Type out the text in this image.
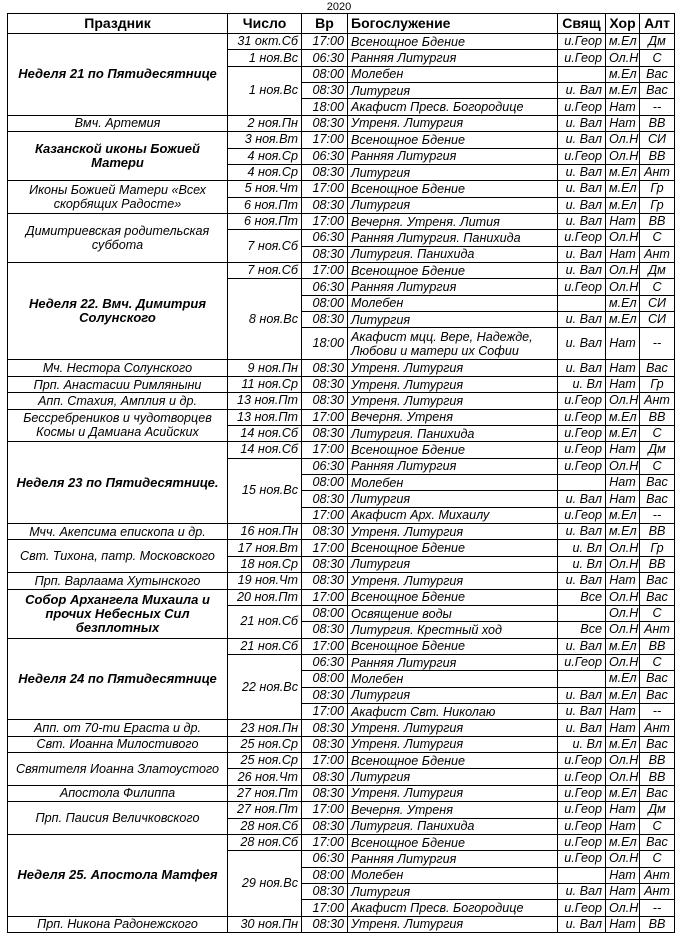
2020
Праздник	Число	Вр	Богослужение	Свящ	Хор	Алт
Неделя 21 по Пятидесятнице	31 окт.Сб	17:00	Всенощное Бдение	и.Геор	м.Ел	Дм
	1 ноя.Вс	06:30	Ранняя Литургия	и.Геор	Ол.Н	С
	1 ноя.Вс	08:00	Молебен		м.Ел	Вас
		08:30	Литургия	и. Вал	м.Ел	Вас
		18:00	Акафист Пресв. Богородице	и.Геор	Нат	--
Вмч. Артемия	2 ноя.Пн	08:30	Утреня. Литургия	и. Вал	Нат	ВВ
Казанской иконы Божией Матери	3 ноя.Вт	17:00	Всенощное Бдение	и. Вал	Ол.Н	СИ
	4 ноя.Ср	06:30	Ранняя Литургия	и.Геор	Ол.Н	ВВ
	4 ноя.Ср	08:30	Литургия	и. Вал	м.Ел	Ант
Иконы Божией Матери «Всех скорбящих Радосте»	5 ноя.Чт	17:00	Всенощное Бдение	и. Вал	м.Ел	Гр
	6 ноя.Пт	08:30	Литургия	и. Вал	м.Ел	Гр
Димитриевская родительская суббота	6 ноя.Пт	17:00	Вечерня. Утреня. Лития	и. Вал	Нат	ВВ
	7 ноя.Сб	06:30	Ранняя Литургия. Панихида	и.Геор	Ол.Н	С
		08:30	Литургия. Панихида	и. Вал	Нат	Ант
Неделя 22. Вмч. Димитрия Солунского	7 ноя.Сб	17:00	Всенощное Бдение	и. Вал	Ол.Н	Дм
	8 ноя.Вс	06:30	Ранняя Литургия	и.Геор	Ол.Н	С
		08:00	Молебен		м.Ел	СИ
		08:30	Литургия	и. Вал	м.Ел	СИ
		18:00	Акафист мцц. Вере, Надежде, Любови и матери их Софии	и. Вал	Нат	--
Мч. Нестора Солунского	9 ноя.Пн	08:30	Утреня. Литургия	и. Вал	Нат	Вас
Прп. Анастасии Римляныни	11 ноя.Ср	08:30	Утреня. Литургия	и. Вл	Нат	Гр
Апп. Стахия, Амплия и др.	13 ноя.Пт	08:30	Утреня. Литургия	и.Геор	Ол.Н	Ант
Бессребреников и чудотворцев Космы и Дамиана Асийских	13 ноя.Пт	17:00	Вечерня. Утреня	и.Геор	м.Ел	ВВ
	14 ноя.Сб	08:30	Литургия. Панихида	и.Геор	м.Ел	С
Неделя 23 по Пятидесятнице.	14 ноя.Сб	17:00	Всенощное Бдение	и.Геор	Нат	Дм
	15 ноя.Вс	06:30	Ранняя Литургия	и.Геор	Ол.Н	С
		08:00	Молебен		Нат	Вас
		08:30	Литургия	и. Вал	Нат	Вас
		17:00	Акафист Арх. Михаилу	и.Геор	м.Ел	--
Мчч. Акепсима епископа и др.	16 ноя.Пн	08:30	Утреня. Литургия	и. Вал	м.Ел	ВВ
Свт. Тихона, патр. Московского	17 ноя.Вт	17:00	Всенощное Бдение	и. Вл	Ол.Н	Гр
	18 ноя.Ср	08:30	Литургия	и. Вл	Ол.Н	ВВ
Прп. Варлаама Хутынского	19 ноя.Чт	08:30	Утреня. Литургия	и. Вал	Нат	Вас
Собор Архангела Михаила и прочих Небесных Сил безплотных	20 ноя.Пт	17:00	Всенощное Бдение	Все	Ол.Н	Вас
	21 ноя.Сб	08:00	Освящение воды		Ол.Н	С
		08:30	Литургия. Крестный ход	Все	Ол.Н	Ант
Неделя 24 по Пятидесятнице	21 ноя.Сб	17:00	Всенощное Бдение	и. Вал	м.Ел	ВВ
	22 ноя.Вс	06:30	Ранняя Литургия	и.Геор	Ол.Н	С
		08:00	Молебен		м.Ел	Вас
		08:30	Литургия	и. Вал	м.Ел	Вас
		17:00	Акафист Свт. Николаю	и. Вал	Нат	--
Апп. от 70-ти Ераста и др.	23 ноя.Пн	08:30	Утреня. Литургия	и. Вал	Нат	Ант
Свт. Иоанна Милостивого	25 ноя.Ср	08:30	Утреня. Литургия	и. Вл	м.Ел	Вас
Святителя Иоанна Златоустого	25 ноя.Ср	17:00	Всенощное Бдение	и.Геор	Ол.Н	ВВ
	26 ноя.Чт	08:30	Литургия	и.Геор	Ол.Н	ВВ
Апостола Филиппа	27 ноя.Пт	08:30	Утреня. Литургия	и.Геор	м.Ел	Вас
Прп. Паисия Величковского	27 ноя.Пт	17:00	Вечерня. Утреня	и.Геор	Нат	Дм
	28 ноя.Сб	08:30	Литургия. Панихида	и.Геор	Нат	С
Неделя 25. Апостола Матфея	28 ноя.Сб	17:00	Всенощное Бдение	и.Геор	м.Ел	Вас
	29 ноя.Вс	06:30	Ранняя Литургия	и.Геор	Ол.Н	С
		08:00	Молебен		Нат	Ант
		08:30	Литургия	и. Вал	Нат	Ант
		17:00	Акафист Пресв. Богородице	и.Геор	Ол.Н	--
Прп. Никона Радонежского	30 ноя.Пн	08:30	Утреня. Литургия	и. Вал	Нат	ВВ
